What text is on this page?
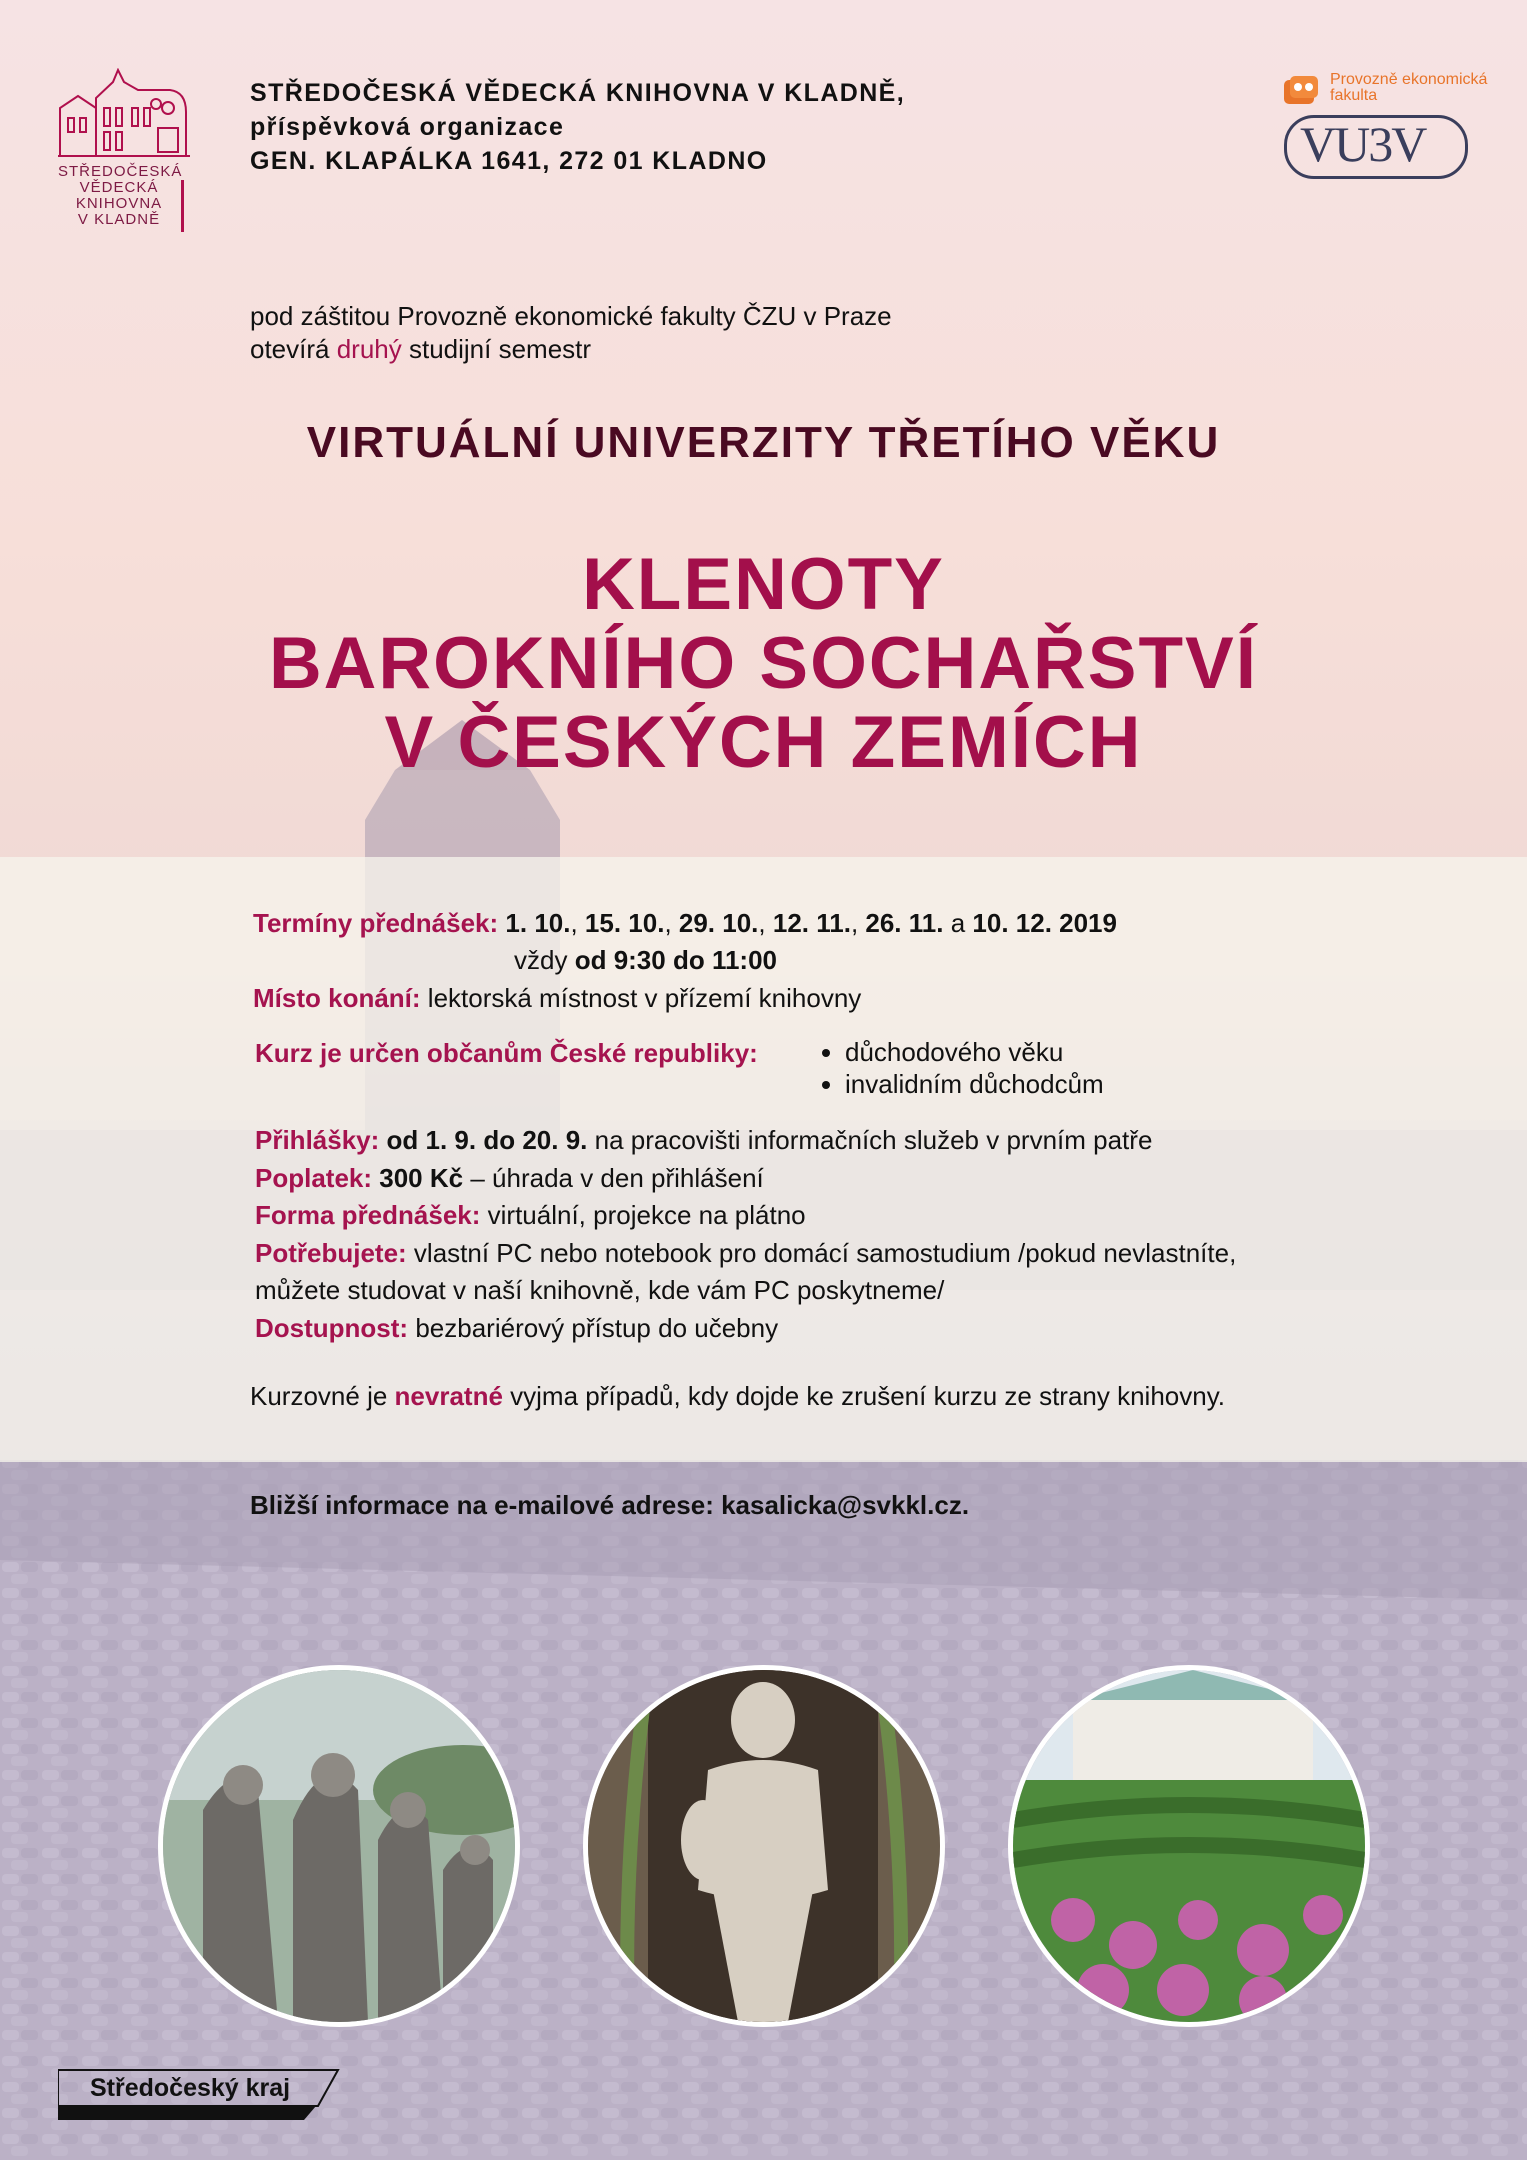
STŘEDOČESKÁ
VĚDECKÁ
KNIHOVNA
V KLADNĚ
STŘEDOČESKÁ VĚDECKÁ KNIHOVNA V KLADNĚ,
příspěvková organizace
GEN. KLAPÁLKA 1641, 272 01 KLADNO
Provozně ekonomická fakulta
VU3V
pod záštitou Provozně ekonomické fakulty ČZU v Praze
otevírá druhý studijní semestr
VIRTUÁLNÍ UNIVERZITY TŘETÍHO VĚKU
KLENOTY
BAROKNÍHO SOCHAŘSTVÍ
V ČESKÝCH ZEMÍCH
Termíny přednášek: 1. 10., 15. 10., 29. 10., 12. 11., 26. 11. a 10. 12. 2019
vždy od 9:30 do 11:00
Místo konání: lektorská místnost v přízemí knihovny
Kurz je určen občanům České republiky:
•	důchodového věku
• invalidním důchodcům
Přihlášky: od 1. 9. do 20. 9. na pracovišti informačních služeb v prvním patře
Poplatek: 300 Kč – úhrada v den přihlášení
Forma přednášek: virtuální, projekce na plátno
Potřebujete: vlastní PC nebo notebook pro domácí samostudium /pokud nevlastníte,
můžete studovat v naší knihovně, kde vám PC poskytneme/
Dostupnost: bezbariérový přístup do učebny
Kurzovné je nevratné vyjma případů, kdy dojde ke zrušení kurzu ze strany knihovny.
Bližší informace na e-mailové adrese: kasalicka@svkkl.cz.
Středočeský kraj
